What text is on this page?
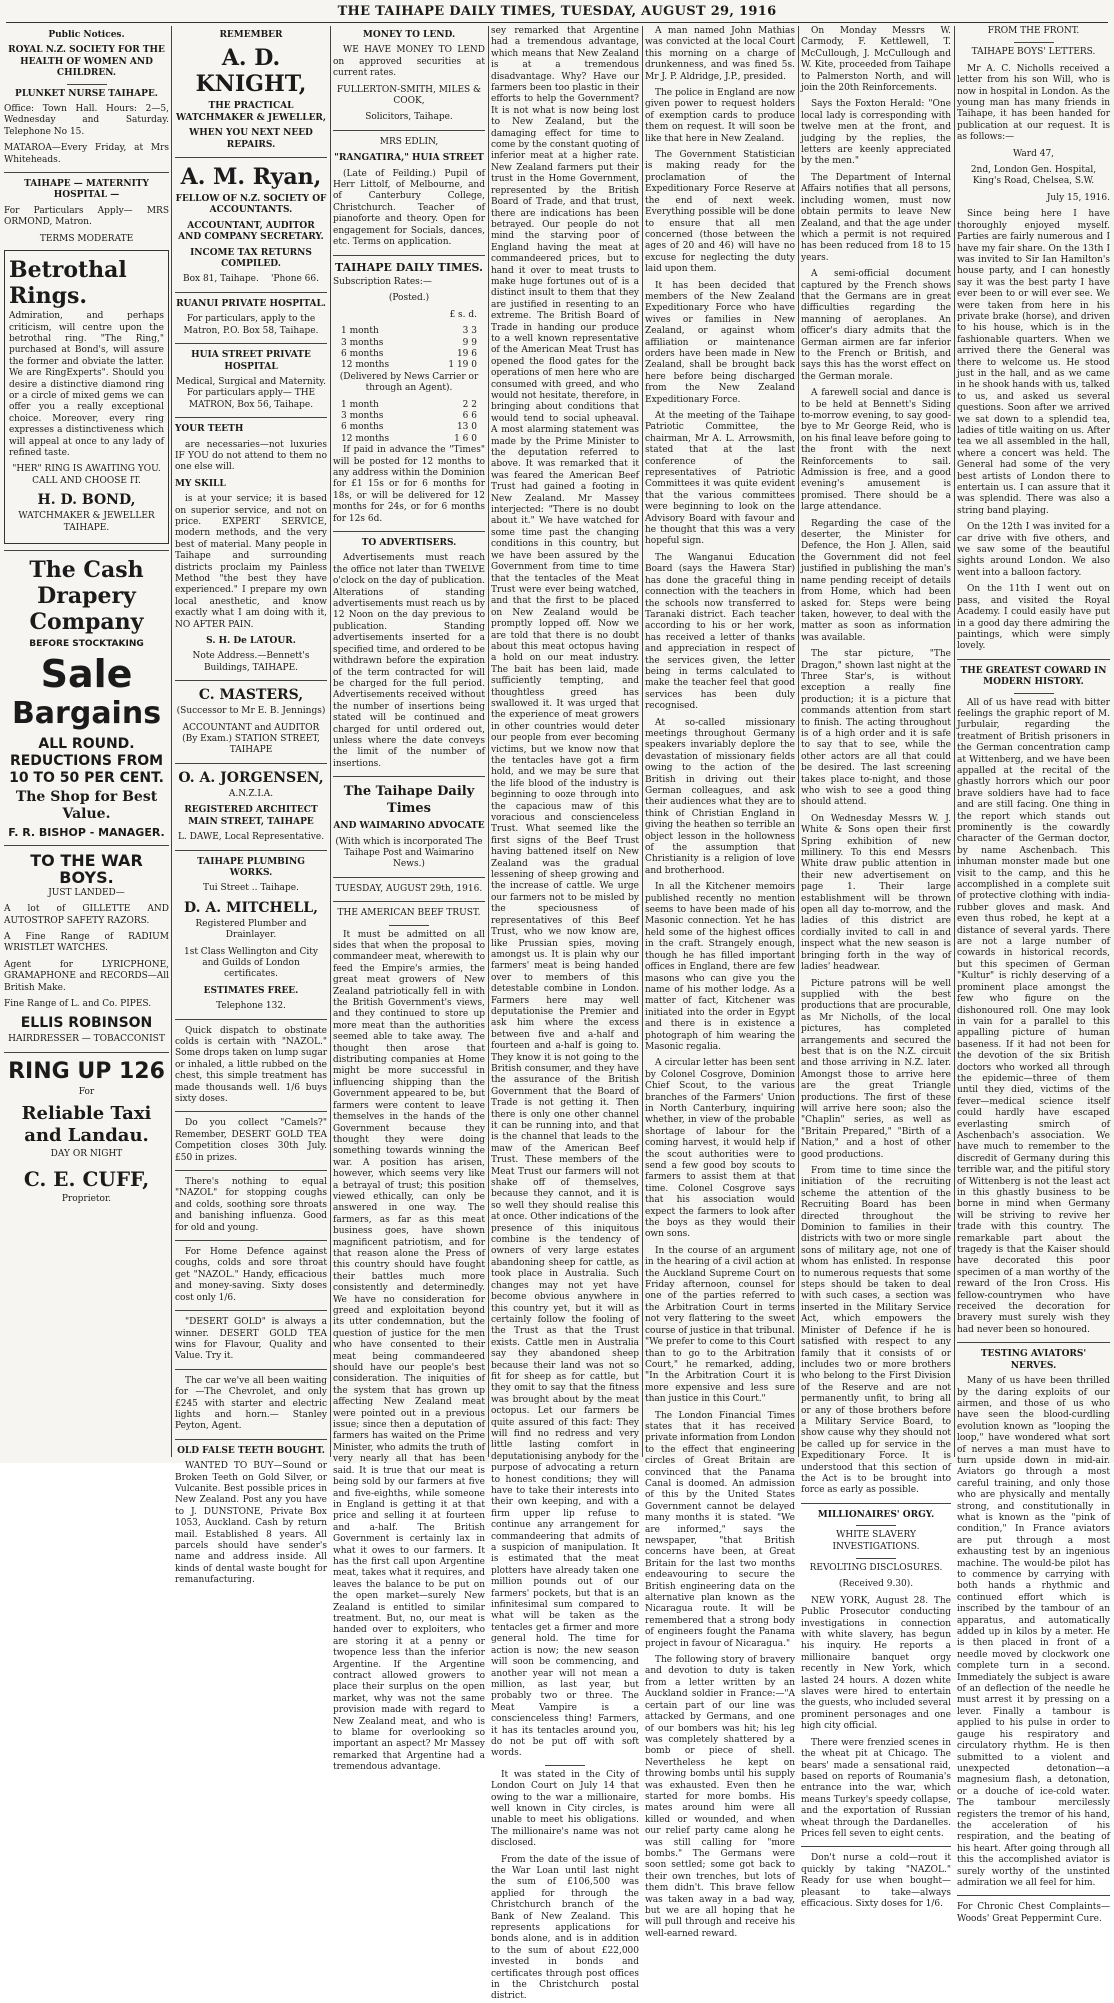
THE TAIHAPE DAILY TIMES, TUESDAY, AUGUST 29, 1916

Public Notices.

ROYAL N.Z. SOCIETY FOR THE HEALTH OF WOMEN AND CHILDREN.

PLUNKET NURSE TAIHAPE.

Office: Town Hall. Hours: 2—5, Wednesday and Saturday. Telephone No 15.

MATAROA—Every Friday, at Mrs Whiteheads.

TAIHAPE — MATERNITY HOSPITAL —

For Particulars Apply— MRS ORMOND, Matron.

TERMS MODERATE

Betrothal Rings.

Admiration, and perhaps criticism, will centre upon the betrothal ring. "The Ring," purchased at Bond's, will assure the former and obviate the latter. We are RingExperts". Should you desire a distinctive diamond ring or a circle of mixed gems we can offer you a really exceptional choice. Moreover, every ring expresses a distinctiveness which will appeal at once to any lady of refined taste.

"HER" RING IS AWAITING YOU. CALL AND CHOOSE IT.

H. D. BOND,

WATCHMAKER & JEWELLER TAIHAPE.

The Cash Drapery Company

BEFORE STOCKTAKING

Sale

Bargains

ALL ROUND. REDUCTIONS FROM 10 TO 50 PER CENT.

The Shop for Best Value.

F. R. BISHOP - MANAGER.

TO THE WAR BOYS.

JUST LANDED—

A lot of GILLETTE AND AUTOSTROP SAFETY RAZORS.

A Fine Range of RADIUM WRISTLET WATCHES.

Agent for LYRICPHONE, GRAMAPHONE and RECORDS—All British Make.

Fine Range of L. and Co. PIPES.

ELLIS ROBINSON

HAIRDRESSER — TOBACCONIST

RING UP 126

For

Reliable Taxi and Landau.

DAY OR NIGHT

C. E. CUFF,

Proprietor.

REMEMBER

A. D. KNIGHT,

THE PRACTICAL WATCHMAKER & JEWELLER,

WHEN YOU NEXT NEED REPAIRS.

A. M. Ryan,

FELLOW OF N.Z. SOCIETY OF ACCOUNTANTS.

ACCOUNTANT, AUDITOR AND COMPANY SECRETARY.

INCOME TAX RETURNS COMPILED.

Box 81, Taihape. 'Phone 66.

RUANUI PRIVATE HOSPITAL.

For particulars, apply to the Matron, P.O. Box 58, Taihape.

HUIA STREET PRIVATE HOSPITAL

Medical, Surgical and Maternity. For particulars apply— THE MATRON, Box 56, Taihape.

YOUR TEETH

are necessaries—not luxuries IF YOU do not attend to them no one else will.

MY SKILL

is at your service; it is based on superior service, and not on price. EXPERT SERVICE, modern methods, and the very best of material. Many people in Taihape and surrounding districts proclaim my Painless Method "the best they have experienced." I prepare my own local anesthetic, and know exactly what I am doing with it, NO AFTER PAIN.

S. H. De LATOUR.

Note Address.—Bennett's Buildings, TAIHAPE.

C. MASTERS,

(Successor to Mr E. B. Jennings)

ACCOUNTANT and AUDITOR (By Exam.) STATION STREET, TAIHAPE

O. A. JORGENSEN,

A.N.Z.I.A.

REGISTERED ARCHITECT MAIN STREET, TAIHAPE

L. DAWE, Local Representative.

TAIHAPE PLUMBING WORKS.

Tui Street .. Taihape.

D. A. MITCHELL,

Registered Plumber and Drainlayer.

1st Class Wellington and City and Guilds of London certificates.

ESTIMATES FREE.

Telephone 132.

Quick dispatch to obstinate colds is certain with "NAZOL." Some drops taken on lump sugar or inhaled, a little rubbed on the chest, this simple treatment has made thousands well. 1/6 buys sixty doses.

Do you collect "Camels?" Remember, DESERT GOLD TEA Competition closes 30th July. £50 in prizes.

There's nothing to equal "NAZOL" for stopping coughs and colds, soothing sore throats and banishing influenza. Good for old and young.

For Home Defence against coughs, colds and sore throat get "NAZOL." Handy, efficacious and money-saving. Sixty doses cost only 1/6.

"DESERT GOLD" is always a winner. DESERT GOLD TEA wins for Flavour, Quality and Value. Try it.

The car we've all been waiting for —The Chevrolet, and only £245 with starter and electric lights and horn.— Stanley Peyton, Agent.

OLD FALSE TEETH BOUGHT.

WANTED TO BUY—Sound or Broken Teeth on Gold Silver, or Vulcanite. Best possible prices in New Zealand. Post any you have to J. DUNSTONE, Private Box 1053, Auckland. Cash by return mail. Established 8 years. All parcels should have sender's name and address inside. All kinds of dental waste bought for remanufacturing.

MONEY TO LEND.

WE HAVE MONEY TO LEND on approved securities at current rates.

FULLERTON-SMITH, MILES & COOK,

Solicitors, Taihape.

MRS EDLIN,

"RANGATIRA," HUIA STREET

(Late of Feilding.) Pupil of Herr Littolf, of Melbourne, and of Canterbury College, Christchurch. Teacher of pianoforte and theory. Open for engagement for Socials, dances, etc. Terms on application.

TAIHAPE DAILY TIMES.

Subscription Rates:—

(Posted.)

£ s. d.

1 month	3 3

3 months	9 9

6 months	19 6

12 months	1 19 0

(Delivered by News Carrier or through an Agent).

1 month	2 2

3 months	6 6

6 months	13 0

12 months	1 6 0

If paid in advance the "Times" will be posted for 12 months to any address within the Dominion for £1 15s or for 6 months for 18s, or will be delivered for 12 months for 24s, or for 6 months for 12s 6d.

TO ADVERTISERS.

Advertisements must reach the office not later than TWELVE o'clock on the day of publication. Alterations of standing advertisements must reach us by 12 Noon on the day previous to publication. Standing advertisements inserted for a specified time, and ordered to be withdrawn before the expiration of the term contracted for will be charged for the full period. Advertisements received without the number of insertions being stated will be continued and charged for until ordered out, unless where the date conveys the limit of the number of insertions.

The Taihape Daily Times

AND WAIMARINO ADVOCATE

(With which is incorporated The Taihape Post and Waimarino News.)

TUESDAY, AUGUST 29th, 1916.

THE AMERICAN BEEF TRUST.

It must be admitted on all sides that when the proposal to commandeer meat, wherewith to feed the Empire's armies, the great meat growers of New Zealand patriotically fell in with the British Government's views, and they continued to store up more meat than the authorities seemed able to take away. The thought then arose that distributing companies at Home might be more successful in influencing shipping than the Government appeared to be, but farmers were content to leave themselves in the hands of the Government because they thought they were doing something towards winning the war. A position has arisen, however, which seems very like a betrayal of trust; this position viewed ethically, can only be answered in one way. The farmers, as far as this meat business goes, have shown magnificent patriotism, and for that reason alone the Press of this country should have fought their battles much more consistently and determinedly. We have no consideration for greed and exploitation beyond its utter condemnation, but the question of justice for the men who have consented to their meat being commandeered should have our people's best consideration. The iniquities of the system that has grown up affecting New Zealand meat were pointed out in a previous issue; since then a deputation of farmers has waited on the Prime Minister, who admits the truth of very nearly all that has been said. It is true that our meat is being sold by our farmers at five and five-eighths, while someone in England is getting it at that price and selling it at fourteen and a-half. The British Government is certainly lax in what it owes to our farmers. It has the first call upon Argentine meat, takes what it requires, and leaves the balance to be put on the open market—surely New Zealand is entitled to similar treatment. But, no, our meat is handed over to exploiters, who are storing it at a penny or twopence less than the inferior Argentine. If the Argentine contract allowed growers to place their surplus on the open market, why was not the same provision made with regard to New Zealand meat, and who is to blame for overlooking so important an aspect? Mr Massey remarked that Argentine had a tremendous advantage.

sey remarked that Argentine had a tremendous advantage, which means that New Zealand is at a tremendous disadvantage. Why? Have our farmers been too plastic in their efforts to help the Government? It is not what is now being lost to New Zealand, but the damaging effect for time to come by the constant quoting of inferior meat at a higher rate. New Zealand farmers put their trust in the Home Government, represented by the British Board of Trade, and that trust, there are indications has been betrayed. Our people do not mind the starving poor of England having the meat at commandeered prices, but to hand it over to meat trusts to make huge fortunes out of is a distinct insult to them that they are justified in resenting to an extreme. The British Board of Trade in handing our produce to a well known representative of the American Meat Trust has opened the flood gates for the operations of men here who are consumed with greed, and who would not hesitate, therefore, in bringing about conditions that would tend to social upheaval. A most alarming statement was made by the Prime Minister to the deputation referred to above. It was remarked that it was feared the American Beef Trust had gained a footing in New Zealand. Mr Massey interjected: "There is no doubt about it." We have watched for some time past the changing conditions in this country, but we have been assured by the Government from time to time that the tentacles of the Meat Trust were ever being watched, and that the first to be placed on New Zealand would be promptly lopped off. Now we are told that there is no doubt about this meat octopus having a hold on our meat industry. The bait has been laid, made sufficiently tempting, and thoughtless greed has swallowed it. It was urged that the experience of meat growers in other countries would deter our people from ever becoming victims, but we know now that the tentacles have got a firm hold, and we may be sure that the life blood of the industry is beginning to ooze through into the capacious maw of this voracious and conscienceless Trust. What seemed like the first signs of the Beef Trust having battened itself on New Zealand was the gradual lessening of sheep growing and the increase of cattle. We urge our farmers not to be misled by the speciousness of representatives of this Beef Trust, who we now know are, like Prussian spies, moving amongst us. It is plain why our farmers' meat is being handed over to members of this detestable combine in London. Farmers here may well deputationise the Premier and ask him where the excess between five and a-half and fourteen and a-half is going to. They know it is not going to the British consumer, and they have the assurance of the British Government that the Board of Trade is not getting it. Then there is only one other channel it can be running into, and that is the channel that leads to the maw of the American Beef Trust. These members of the Meat Trust our farmers will not shake off of themselves, because they cannot, and it is so well they should realise this at once. Other indications of the presence of this iniquitous combine is the tendency of owners of very large estates abandoning sheep for cattle, as took place in Australia. Such changes may not yet have become obvious anywhere in this country yet, but it will as certainly follow the fooling of the Trust as that the Trust exists. Cattle men in Australia say they abandoned sheep because their land was not so fit for sheep as for cattle, but they omit to say that the fitness was brought about by the meat octopus. Let our farmers be quite assured of this fact: They will find no redress and very little lasting comfort in deputationising anybody for the purpose of advocating a return to honest conditions; they will have to take their interests into their own keeping, and with a firm upper lip refuse to continue any arrangement for commandeering that admits of a suspicion of manipulation. It is estimated that the meat plotters have already taken one million pounds out of our farmers' pockets, but that is an infinitesimal sum compared to what will be taken as the tentacles get a firmer and more general hold. The time for action is now; the new season will soon be commencing, and another year will not mean a million, as last year, but probably two or three. The Meat Vampire is a conscienceless thing! Farmers, it has its tentacles around you, do not be put off with soft words.

It was stated in the City of London Court on July 14 that owing to the war a millionaire, well known in City circles, is unable to meet his obligations. The millionaire's name was not disclosed.

From the date of the issue of the War Loan until last night the sum of £106,500 was applied for through the Christchurch branch of the Bank of New Zealand. This represents applications for bonds alone, and is in addition to the sum of about £22,000 invested in bonds and certificates through post offices in the Christchurch postal district.

A man named John Mathias was convicted at the local Court this morning on a charge of drunkenness, and was fined 5s. Mr J. P. Aldridge, J.P., presided.

The police in England are now given power to request holders of exemption cards to produce them on request. It will soon be like that here in New Zealand.

The Government Statistician is making ready for the proclamation of the Expeditionary Force Reserve at the end of next week. Everything possible will be done to ensure that all men concerned (those between the ages of 20 and 46) will have no excuse for neglecting the duty laid upon them.

It has been decided that members of the New Zealand Expeditionary Force who have wives or families in New Zealand, or against whom affiliation or maintenance orders have been made in New Zealand, shall be brought back here before being discharged from the New Zealand Expeditionary Force.

At the meeting of the Taihape Patriotic Committee, the chairman, Mr A. L. Arrowsmith, stated that at the last conference of the representatives of Patriotic Committees it was quite evident that the various committees were beginning to look on the Advisory Board with favour and he thought that this was a very hopeful sign.

The Wanganui Education Board (says the Hawera Star) has done the graceful thing in connection with the teachers in the schools now transferred to Taranaki district. Each teacher according to his or her work, has received a letter of thanks and appreciation in respect of the services given, the letter being in terms calculated to make the teacher feel that good services has been duly recognised.

At so-called missionary meetings throughout Germany speakers invariably deplore the devastation of missionary fields owing to the action of the British in driving out their German colleagues, and ask their audiences what they are to think of Christian England in giving the heathen so terrible an object lesson in the hollowness of the assumption that Christianity is a religion of love and brotherhood.

In all the Kitchener memoirs published recently no mention seems to have been made of his Masonic connection. Yet he has held some of the highest offices in the craft. Strangely enough, though he has filled important offices in England, there are few masons who can give you the name of his mother lodge. As a matter of fact, Kitchener was initiated into the order in Egypt and there is in existence a photograph of him wearing the Masonic regalia.

A circular letter has been sent by Colonel Cosgrove, Dominion Chief Scout, to the various branches of the Farmers' Union in North Canterbury, inquiring whether, in view of the probable shortage of labour for the coming harvest, it would help if the scout authorities were to send a few good boy scouts to farmers to assist them at that time. Colonel Cosgrove says that his association would expect the farmers to look after the boys as they would their own sons.

In the course of an argument in the hearing of a civil action at the Auckland Supreme Court on Friday afternoon, counsel for one of the parties referred to the Arbitration Court in terms not very flattering to the sweet course of justice in that tribunal. "We prefer to come to this Court than to go to the Arbitration Court," he remarked, adding, "In the Arbitration Court it is more expensive and less sure than justice in this Court."

The London Financial Times states that it has received private information from London to the effect that engineering circles of Great Britain are convinced that the Panama Canal is doomed. An admission of this by the United States Government cannot be delayed many months it is stated. "We are informed," says the newspaper, "that British concerns have been, at Great Britain for the last two months endeavouring to secure the British engineering data on the alternative plan known as the Nicaragua route. It will be remembered that a strong body of engineers fought the Panama project in favour of Nicaragua."

The following story of bravery and devotion to duty is taken from a letter written by an Auckland soldier in France:—"A certain part of our line was attacked by Germans, and one of our bombers was hit; his leg was completely shattered by a bomb or piece of shell. Nevertheless he kept on throwing bombs until his supply was exhausted. Even then he started for more bombs. His mates around him were all killed or wounded, and when our relief party came along he was still calling for "more bombs." The Germans were soon settled; some got back to their own trenches, but lots of them didn't. This brave fellow was taken away in a bad way, but we are all hoping that he will pull through and receive his well-earned reward.

On Monday Messrs W. Carmody, F. Kettlewell, T. McCullough, J. McCullough and W. Kite, proceeded from Taihape to Palmerston North, and will join the 20th Reinforcements.

Says the Foxton Herald: "One local lady is corresponding with twelve men at the front, and judging by the replies, the letters are keenly appreciated by the men."

The Department of Internal Affairs notifies that all persons, including women, must now obtain permits to leave New Zealand, and that the age under which a permit is not required has been reduced from 18 to 15 years.

A semi-official document captured by the French shows that the Germans are in great difficulties regarding the manning of aeroplanes. An officer's diary admits that the German airmen are far inferior to the French or British, and says this has the worst effect on the German morale.

A farewell social and dance is to be held at Bennett's Siding to-morrow evening, to say good-bye to Mr George Reid, who is on his final leave before going to the front with the next Reinforcements to sail. Admission is free, and a good evening's amusement is promised. There should be a large attendance.

Regarding the case of the deserter, the Minister for Defence, the Hon J. Allen, said the Government did not feel justified in publishing the man's name pending receipt of details from Home, which had been asked for. Steps were being taken, however, to deal with the matter as soon as information was available.

The star picture, "The Dragon," shown last night at the Three Star's, is without exception a really fine production; it is a picture that commands attention from start to finish. The acting throughout is of a high order and it is safe to say that to see, while the other actors are all that could be desired. The last screening takes place to-night, and those who wish to see a good thing should attend.

On Wednesday Messrs W. J. White & Sons open their first Spring exhibition of new millinery. To this end Messrs White draw public attention in their new advertisement on page 1. Their large establishment will be thrown open all day to-morrow, and the ladies of this district are cordially invited to call in and inspect what the new season is bringing forth in the way of ladies' headwear.

Picture patrons will be well supplied with the best productions that are procurable, as Mr Nicholls, of the local pictures, has completed arrangements and secured the best that is on the N.Z. circuit and those arriving in N.Z. later. Amongst those to arrive here are the great Triangle productions. The first of these will arrive here soon; also the "Chaplin" series, as well as "Britain Prepared," "Birth of a Nation," and a host of other good productions.

From time to time since the initiation of the recruiting scheme the attention of the Recruiting Board has been directed throughout the Dominion to families in their districts with two or more single sons of military age, not one of whom has enlisted. In response to numerous requests that some steps should be taken to deal with such cases, a section was inserted in the Military Service Act, which empowers the Minister of Defence if he is satisfied with respect to any family that it consists of or includes two or more brothers who belong to the First Division of the Reserve and are not permanently unfit, to bring all or any of those brothers before a Military Service Board, to show cause why they should not be called up for service in the Expeditionary Force. It is understood that this section of the Act is to be brought into force as early as possible.

MILLIONAIRES' ORGY.

WHITE SLAVERY INVESTIGATIONS.

REVOLTING DISCLOSURES.

(Received 9.30).

NEW YORK, August 28. The Public Prosecutor conducting investigations in connection with white slavery, has begun his inquiry. He reports a millionaire banquet orgy recently in New York, which lasted 24 hours. A dozen white slaves were hired to entertain the guests, who included several prominent personages and one high city official.

There were frenzied scenes in the wheat pit at Chicago. The bears' made a sensational raid, based on reports of Roumania's entrance into the war, which means Turkey's speedy collapse, and the exportation of Russian wheat through the Dardanelles. Prices fell seven to eight cents.

Don't nurse a cold—rout it quickly by taking "NAZOL." Ready for use when bought—pleasant to take—always efficacious. Sixty doses for 1/6.

FROM THE FRONT.

TAIHAPE BOYS' LETTERS.

Mr A. C. Nicholls received a letter from his son Will, who is now in hospital in London. As the young man has many friends in Taihape, it has been handed for publication at our request. It is as follows:—

Ward 47,

2nd, London Gen. Hospital, King's Road, Chelsea, S.W.

July 15, 1916.

Since being here I have thoroughly enjoyed myself. Parties are fairly numerous and I have my fair share. On the 13th I was invited to Sir Ian Hamilton's house party, and I can honestly say it was the best party I have ever been to or will ever see. We were taken from here in his private brake (horse), and driven to his house, which is in the fashionable quarters. When we arrived there the General was there to welcome us. He stood just in the hall, and as we came in he shook hands with us, talked to us, and asked us several questions. Soon after we arrived we sat down to a splendid tea, ladies of title waiting on us. After tea we all assembled in the hall, where a concert was held. The General had some of the very best artists of London there to entertain us. I can assure that it was splendid. There was also a string band playing.

On the 12th I was invited for a car drive with five others, and we saw some of the beautiful sights around London. We also went into a balloon factory.

On the 11th I went out on pass, and visited the Royal Academy. I could easily have put in a good day there admiring the paintings, which were simply lovely.

THE GREATEST COWARD IN MODERN HISTORY.

All of us have read with bitter feelings the graphic report of M. Jurbulair, regarding the treatment of British prisoners in the German concentration camp at Wittenberg, and we have been appalled at the recital of the ghastly horrors which our poor brave soldiers have had to face and are still facing. One thing in the report which stands out prominently is the cowardly character of the German doctor, by name Aschenbach. This inhuman monster made but one visit to the camp, and this he accomplished in a complete suit of protective clothing with india-rubber gloves and mask. And even thus robed, he kept at a distance of several yards. There are not a large number of cowards in historical records, but this specimen of German "Kultur" is richly deserving of a prominent place amongst the few who figure on the dishonoured roll. One may look in vain for a parallel to this appalling picture of human baseness. If it had not been for the devotion of the six British doctors who worked all through the epidemic—three of them until they died, victims of the fever—medical science itself could hardly have escaped everlasting smirch of Aschenbach's association. We have much to remember to the discredit of Germany during this terrible war, and the pitiful story of Wittenberg is not the least act in this ghastly business to be borne in mind when Germany will be striving to revive her trade with this country. The remarkable part about the tragedy is that the Kaiser should have decorated this poor specimen of a man worthy of the reward of the Iron Cross. His fellow-countrymen who have received the decoration for bravery must surely wish they had never been so honoured.

TESTING AVIATORS' NERVES.

Many of us have been thrilled by the daring exploits of our airmen, and those of us who have seen the blood-curdling evolution known as "looping the loop," have wondered what sort of nerves a man must have to turn upside down in mid-air. Aviators go through a most careful training, and only those who are physically and mentally strong, and constitutionally in what is known as the "pink of condition," In France aviators are put through a most exhausting test by an ingenious machine. The would-be pilot has to commence by carrying with both hands a rhythmic and continued effort which is inscribed by the tambour of an apparatus, and automatically added up in kilos by a meter. He is then placed in front of a needle moved by clockwork one complete turn in a second. Immediately the subject is aware of an deflection of the needle he must arrest it by pressing on a lever. Finally a tambour is applied to his pulse in order to gauge his respiratory and circulatory rhythm. He is then submitted to a violent and unexpected detonation—a magnesium flash, a detonation, or a douche of ice-cold water. The tambour mercilessly registers the tremor of his hand, the acceleration of his respiration, and the beating of his heart. After going through all this the accomplished aviator is surely worthy of the unstinted admiration we all feel for him.

For Chronic Chest Complaints— Woods' Great Peppermint Cure.
